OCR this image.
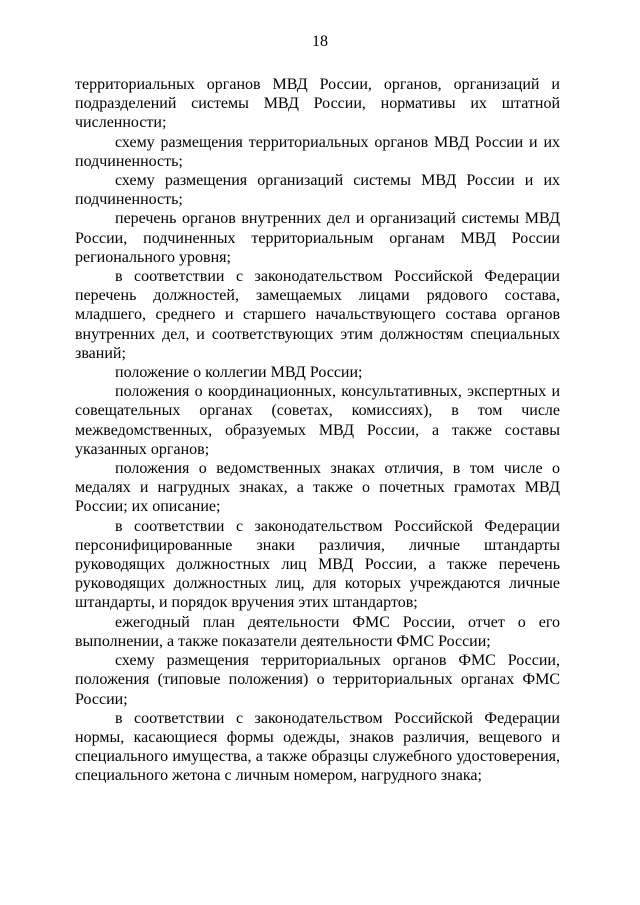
18

территориальных органов МВД России, органов, организаций и подразделений системы МВД России, нормативы их штатной численности;

схему размещения территориальных органов МВД России и их подчиненность;

схему размещения организаций системы МВД России и их подчиненность;

перечень органов внутренних дел и организаций системы МВД России, подчиненных территориальным органам МВД России регионального уровня;

в соответствии с законодательством Российской Федерации перечень должностей, замещаемых лицами рядового состава, младшего, среднего и старшего начальствующего состава органов внутренних дел, и соответствующих этим должностям специальных званий;

положение о коллегии МВД России;

положения о координационных, консультативных, экспертных и совещательных органах (советах, комиссиях), в том числе межведомственных, образуемых МВД России, а также составы указанных органов;

положения о ведомственных знаках отличия, в том числе о медалях и нагрудных знаках, а также о почетных грамотах МВД России; их описание;

в соответствии с законодательством Российской Федерации персонифицированные знаки различия, личные штандарты руководящих должностных лиц МВД России, а также перечень руководящих должностных лиц, для которых учреждаются личные штандарты, и порядок вручения этих штандартов;

ежегодный план деятельности ФМС России, отчет о его выполнении, а также показатели деятельности ФМС России;

схему размещения территориальных органов ФМС России, положения (типовые положения) о территориальных органах ФМС России;

в соответствии с законодательством Российской Федерации нормы, касающиеся формы одежды, знаков различия, вещевого и специального имущества, а также образцы служебного удостоверения, специального жетона с личным номером, нагрудного знака;
